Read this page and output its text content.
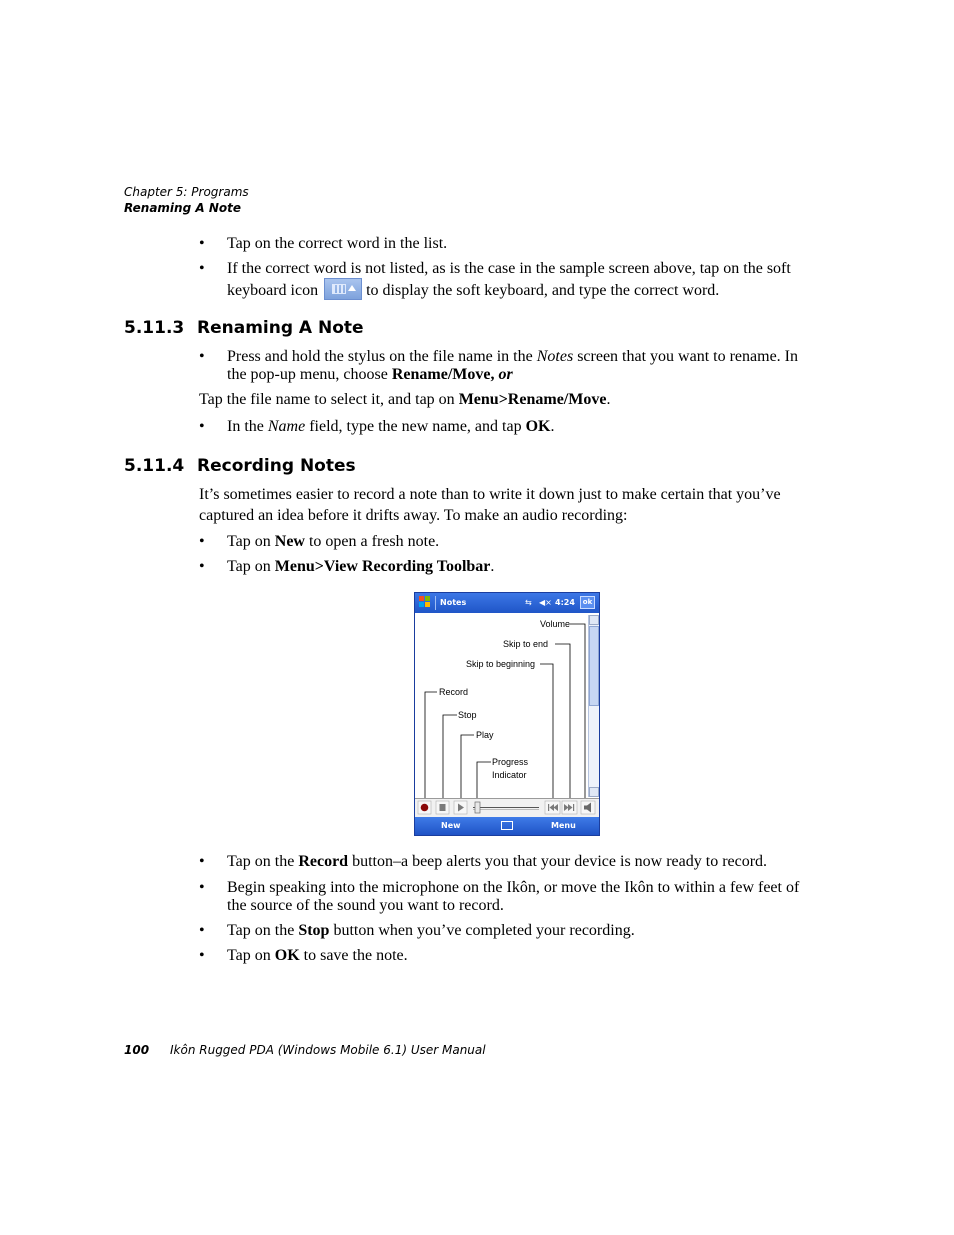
Chapter 5: Programs
Renaming A Note
• Tap on the correct word in the list.
• If the correct word is not listed, as is the case in the sample screen above, tap on the soft keyboard icon	to display the soft keyboard, and type the correct word.
5.11.3 Renaming A Note
• Press and hold the stylus on the file name in the Notes screen that you want to rename. In the pop-up menu, choose Rename/Move, or
Tap the file name to select it, and tap on Menu>Rename/Move.
• In the Name field, type the new name, and tap OK.
5.11.4 Recording Notes
It’s sometimes easier to record a note than to write it down just to make certain that you’ve captured an idea before it drifts away. To make an audio recording:
• Tap on New to open a fresh note.
• Tap on Menu>View Recording Toolbar.
Notes	⇆ ◀× 4:24	ok
Volume
Skip to end
Skip to beginning
Record
Stop
Play
Progress
Indicator
New	Menu
• Tap on the Record button–a beep alerts you that your device is now ready to record.
• Begin speaking into the microphone on the Ikôn, or move the Ikôn to within a few feet of the source of the sound you want to record.
• Tap on the Stop button when you’ve completed your recording.
• Tap on OK to save the note.
100 Ikôn Rugged PDA (Windows Mobile 6.1) User Manual
